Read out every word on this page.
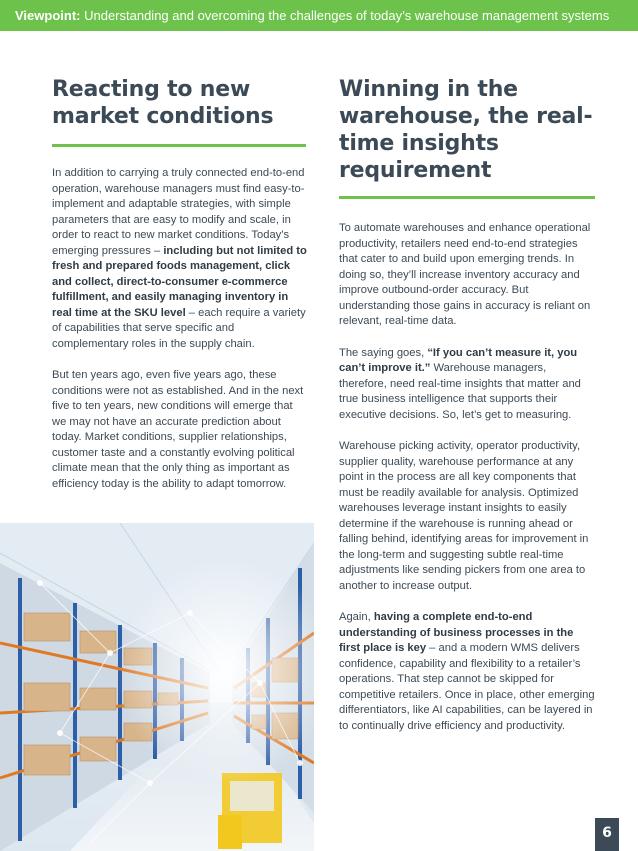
Viewpoint: Understanding and overcoming the challenges of today’s warehouse management systems
Reacting to new market conditions

In addition to carrying a truly connected end-to-end operation, warehouse managers must find easy-to-implement and adaptable strategies, with simple parameters that are easy to modify and scale, in order to react to new market conditions. Today’s emerging pressures – including but not limited to fresh and prepared foods management, click and collect, direct-to-consumer e-commerce fulfillment, and easily managing inventory in real time at the SKU level – each require a variety of capabilities that serve specific and complementary roles in the supply chain.

But ten years ago, even five years ago, these conditions were not as established. And in the next five to ten years, new conditions will emerge that we may not have an accurate prediction about today. Market conditions, supplier relationships, customer taste and a constantly evolving political climate mean that the only thing as important as efficiency today is the ability to adapt tomorrow.

Winning in the warehouse, the real-time insights requirement

To automate warehouses and enhance operational productivity, retailers need end-to-end strategies that cater to and build upon emerging trends. In doing so, they’ll increase inventory accuracy and improve outbound-order accuracy. But understanding those gains in accuracy is reliant on relevant, real-time data.

The saying goes, “If you can’t measure it, you can’t improve it.” Warehouse managers, therefore, need real-time insights that matter and true business intelligence that supports their executive decisions. So, let’s get to measuring.

Warehouse picking activity, operator productivity, supplier quality, warehouse performance at any point in the process are all key components that must be readily available for analysis. Optimized warehouses leverage instant insights to easily determine if the warehouse is running ahead or falling behind, identifying areas for improvement in the long-term and suggesting subtle real-time adjustments like sending pickers from one area to another to increase output.

Again, having a complete end-to-end understanding of business processes in the first place is key – and a modern WMS delivers confidence, capability and flexibility to a retailer’s operations. That step cannot be skipped for competitive retailers. Once in place, other emerging differentiators, like AI capabilities, can be layered in to continually drive efficiency and productivity.

6
